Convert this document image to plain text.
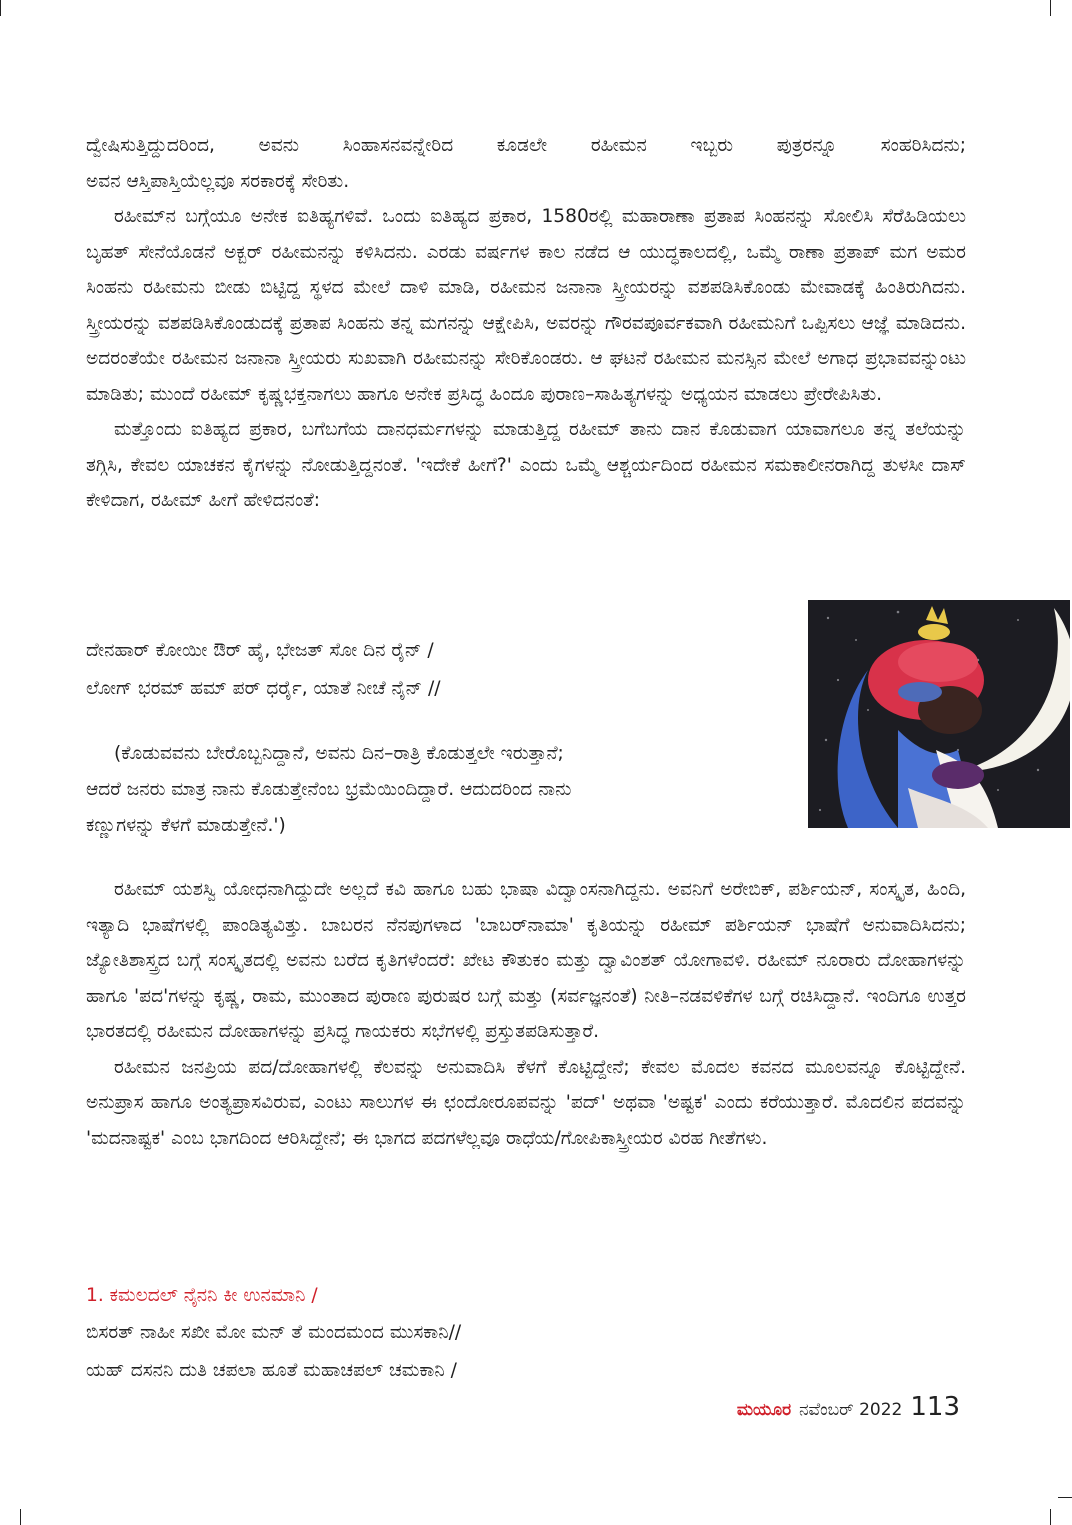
ದ್ವೇಷಿಸುತ್ತಿದ್ದುದರಿಂದ, ಅವನು ಸಿಂಹಾಸನವನ್ನೇರಿದ ಕೂಡಲೇ ರಹೀಮನ ಇಬ್ಬರು ಪುತ್ರರನ್ನೂ ಸಂಹರಿಸಿದನು;
ಅವನ ಆಸ್ತಿಪಾಸ್ತಿಯೆಲ್ಲವೂ ಸರಕಾರಕ್ಕೆ ಸೇರಿತು.

ರಹೀಮ್‌ನ ಬಗ್ಗೆಯೂ ಅನೇಕ ಐತಿಹ್ಯಗಳಿವೆ. ಒಂದು ಐತಿಹ್ಯದ ಪ್ರಕಾರ, 1580ರಲ್ಲಿ ಮಹಾರಾಣಾ ಪ್ರತಾಪ ಸಿಂಹನನ್ನು ಸೋಲಿಸಿ ಸೆರೆಹಿಡಿಯಲು ಬೃಹತ್ ಸೇನೆಯೊಡನೆ ಅಕ್ಬರ್ ರಹೀಮನನ್ನು ಕಳಿಸಿದನು. ಎರಡು ವರ್ಷಗಳ ಕಾಲ ನಡೆದ ಆ ಯುದ್ಧಕಾಲದಲ್ಲಿ, ಒಮ್ಮೆ ರಾಣಾ ಪ್ರತಾಪ್ ಮಗ ಅಮರ ಸಿಂಹನು ರಹೀಮನು ಬೀಡು ಬಿಟ್ಟಿದ್ದ ಸ್ಥಳದ ಮೇಲೆ ದಾಳಿ ಮಾಡಿ, ರಹೀಮನ ಜನಾನಾ ಸ್ತ್ರೀಯರನ್ನು ವಶಪಡಿಸಿಕೊಂಡು ಮೇವಾಡಕ್ಕೆ ಹಿಂತಿರುಗಿದನು. ಸ್ತ್ರೀಯರನ್ನು ವಶಪಡಿಸಿಕೊಂಡುದಕ್ಕೆ ಪ್ರತಾಪ ಸಿಂಹನು ತನ್ನ ಮಗನನ್ನು ಆಕ್ಷೇಪಿಸಿ, ಅವರನ್ನು ಗೌರವಪೂರ್ವಕವಾಗಿ ರಹೀಮನಿಗೆ ಒಪ್ಪಿಸಲು ಆಜ್ಞೆ ಮಾಡಿದನು. ಅದರಂತೆಯೇ ರಹೀಮನ ಜನಾನಾ ಸ್ತ್ರೀಯರು ಸುಖವಾಗಿ ರಹೀಮನನ್ನು ಸೇರಿಕೊಂಡರು. ಆ ಘಟನೆ ರಹೀಮನ ಮನಸ್ಸಿನ ಮೇಲೆ ಅಗಾಧ ಪ್ರಭಾವವನ್ನುಂಟು ಮಾಡಿತು; ಮುಂದೆ ರಹೀಮ್ ಕೃಷ್ಣಭಕ್ತನಾಗಲು ಹಾಗೂ ಅನೇಕ ಪ್ರಸಿದ್ಧ ಹಿಂದೂ ಪುರಾಣ–ಸಾಹಿತ್ಯಗಳನ್ನು ಅಧ್ಯಯನ ಮಾಡಲು ಪ್ರೇರೇಪಿಸಿತು.

ಮತ್ತೊಂದು ಐತಿಹ್ಯದ ಪ್ರಕಾರ, ಬಗೆಬಗೆಯ ದಾನಧರ್ಮಗಳನ್ನು ಮಾಡುತ್ತಿದ್ದ ರಹೀಮ್ ತಾನು ದಾನ ಕೊಡುವಾಗ ಯಾವಾಗಲೂ ತನ್ನ ತಲೆಯನ್ನು ತಗ್ಗಿಸಿ, ಕೇವಲ ಯಾಚಕನ ಕೈಗಳನ್ನು ನೋಡುತ್ತಿದ್ದನಂತೆ. 'ಇದೇಕೆ ಹೀಗೆ?' ಎಂದು ಒಮ್ಮೆ ಆಶ್ಚರ್ಯದಿಂದ ರಹೀಮನ ಸಮಕಾಲೀನರಾಗಿದ್ದ ತುಳಸೀ ದಾಸ್ ಕೇಳಿದಾಗ, ರಹೀಮ್ ಹೀಗೆ ಹೇಳಿದನಂತೆ:

ದೇನಹಾರ್ ಕೋಯೀ ಔರ್ ಹೈ, ಭೇಜತ್ ಸೋ ದಿನ ರೈನ್ /
ಲೋಗ್ ಭರಮ್ ಹಮ್ ಪರ್ ಧರ್ರೈ, ಯಾತೆ ನೀಚೆ ನೈನ್ //
(ಕೊಡುವವನು ಬೇರೊಬ್ಬನಿದ್ದಾನೆ, ಅವನು ದಿನ–ರಾತ್ರಿ ಕೊಡುತ್ತಲೇ ಇರುತ್ತಾನೆ;
ಆದರೆ ಜನರು ಮಾತ್ರ ನಾನು ಕೊಡುತ್ತೇನೆಂಬ ಭ್ರಮೆಯಿಂದಿದ್ದಾರೆ. ಆದುದರಿಂದ ನಾನು
ಕಣ್ಣುಗಳನ್ನು ಕೆಳಗೆ ಮಾಡುತ್ತೇನೆ.')

ರಹೀಮ್ ಯಶಸ್ವಿ ಯೋಧನಾಗಿದ್ದುದೇ ಅಲ್ಲದೆ ಕವಿ ಹಾಗೂ ಬಹು ಭಾಷಾ ವಿದ್ವಾಂಸನಾಗಿದ್ದನು. ಅವನಿಗೆ ಅರೇಬಿಕ್, ಪರ್ಶಿಯನ್, ಸಂಸ್ಕೃತ, ಹಿಂದಿ, ಇತ್ಯಾದಿ ಭಾಷೆಗಳಲ್ಲಿ ಪಾಂಡಿತ್ಯವಿತ್ತು. ಬಾಬರನ ನೆನಪುಗಳಾದ 'ಬಾಬರ್‌ನಾಮಾ' ಕೃತಿಯನ್ನು ರಹೀಮ್ ಪರ್ಶಿಯನ್ ಭಾಷೆಗೆ ಅನುವಾದಿಸಿದನು; ಜ್ಯೋತಿಶಾಸ್ತ್ರದ ಬಗ್ಗೆ ಸಂಸ್ಕೃತದಲ್ಲಿ ಅವನು ಬರೆದ ಕೃತಿಗಳೆಂದರೆ: ಖೇಟ ಕೌತುಕಂ ಮತ್ತು ದ್ವಾವಿಂಶತ್ ಯೋಗಾವಳಿ. ರಹೀಮ್ ನೂರಾರು ದೋಹಾಗಳನ್ನು ಹಾಗೂ 'ಪದ'ಗಳನ್ನು ಕೃಷ್ಣ, ರಾಮ, ಮುಂತಾದ ಪುರಾಣ ಪುರುಷರ ಬಗ್ಗೆ ಮತ್ತು (ಸರ್ವಜ್ಞನಂತೆ) ನೀತಿ–ನಡವಳಿಕೆಗಳ ಬಗ್ಗೆ ರಚಿಸಿದ್ದಾನೆ. ಇಂದಿಗೂ ಉತ್ತರ ಭಾರತದಲ್ಲಿ ರಹೀಮನ ದೋಹಾಗಳನ್ನು ಪ್ರಸಿದ್ಧ ಗಾಯಕರು ಸಭೆಗಳಲ್ಲಿ ಪ್ರಸ್ತುತಪಡಿಸುತ್ತಾರೆ.

ರಹೀಮನ ಜನಪ್ರಿಯ ಪದ/ದೋಹಾಗಳಲ್ಲಿ ಕೆಲವನ್ನು ಅನುವಾದಿಸಿ ಕೆಳಗೆ ಕೊಟ್ಟಿದ್ದೇನೆ; ಕೇವಲ ಮೊದಲ ಕವನದ ಮೂಲವನ್ನೂ ಕೊಟ್ಟಿದ್ದೇನೆ. ಅನುಪ್ರಾಸ ಹಾಗೂ ಅಂತ್ಯಪ್ರಾಸವಿರುವ, ಎಂಟು ಸಾಲುಗಳ ಈ ಛಂದೋರೂಪವನ್ನು 'ಪದ್' ಅಥವಾ 'ಅಷ್ಟಕ' ಎಂದು ಕರೆಯುತ್ತಾರೆ. ಮೊದಲಿನ ಪದವನ್ನು 'ಮದನಾಷ್ಟಕ' ಎಂಬ ಭಾಗದಿಂದ ಆರಿಸಿದ್ದೇನೆ; ಈ ಭಾಗದ ಪದಗಳೆಲ್ಲವೂ ರಾಧೆಯ/ಗೋಪಿಕಾಸ್ತ್ರೀಯರ ವಿರಹ ಗೀತೆಗಳು.

1. ಕಮಲದಲ್ ನೈನನಿ ಕೀ ಉನಮಾನಿ /
ಬಿಸರತ್ ನಾಹೀ ಸಖೀ ಮೋ ಮನ್ ತೆ ಮಂದಮಂದ ಮುಸಕಾನಿ//
ಯಹ್ ದಸನನಿ ದುತಿ ಚಪಲಾ ಹೂತೆ ಮಹಾಚಪಲ್ ಚಮಕಾನಿ /
ಮಯೂರ ನವೆಂಬರ್ 2022 113
